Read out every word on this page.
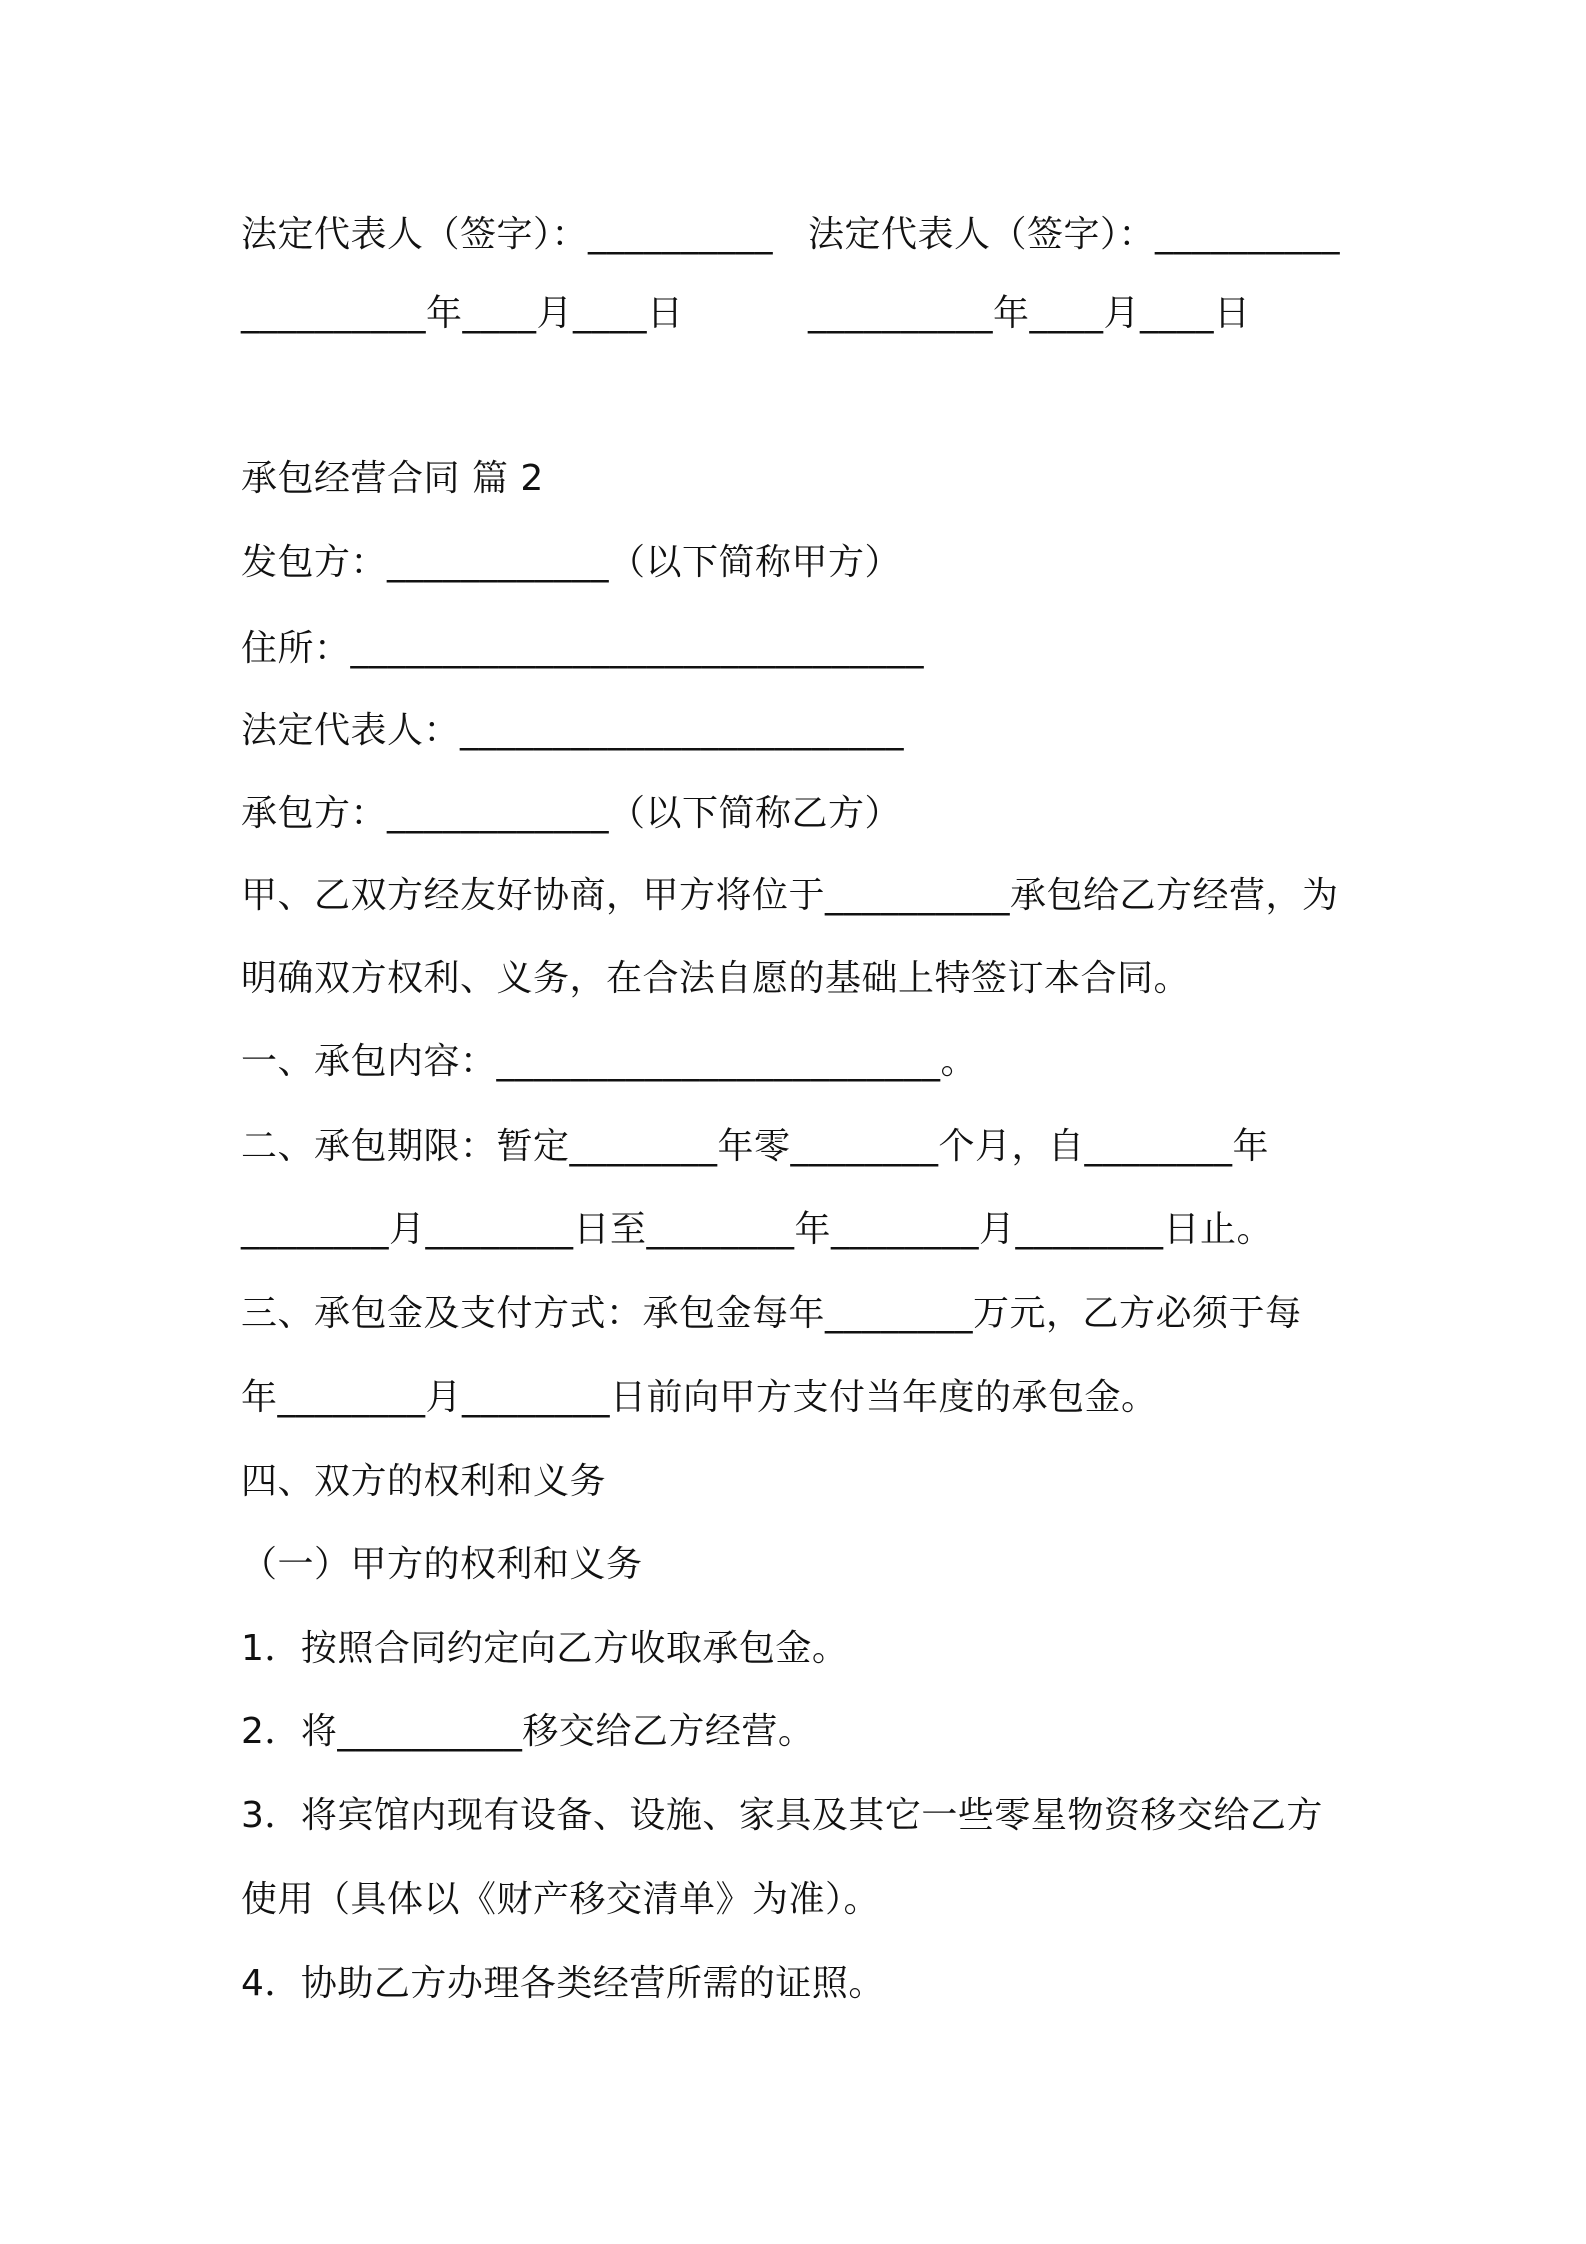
法定代表人（签字）：__________ 法定代表人（签字）：__________
__________年____月____日	__________年____月____日
承包经营合同 篇 2
发包方：____________（以下简称甲方）
住所：_______________________________
法定代表人：________________________
承包方：____________（以下简称乙方）
甲、乙双方经友好协商，甲方将位于__________承包给乙方经营，为
明确双方权利、义务，在合法自愿的基础上特签订本合同。
一、承包内容：________________________。
二、承包期限：暂定________年零________个月，自________年
________月________日至________年________月________日止。
三、承包金及支付方式：承包金每年________万元，乙方必须于每
年________月________日前向甲方支付当年度的承包金。
四、双方的权利和义务
（一）甲方的权利和义务
1．按照合同约定向乙方收取承包金。
2．将__________移交给乙方经营。
3．将宾馆内现有设备、设施、家具及其它一些零星物资移交给乙方
使用（具体以《财产移交清单》为准）。
4．协助乙方办理各类经营所需的证照。
